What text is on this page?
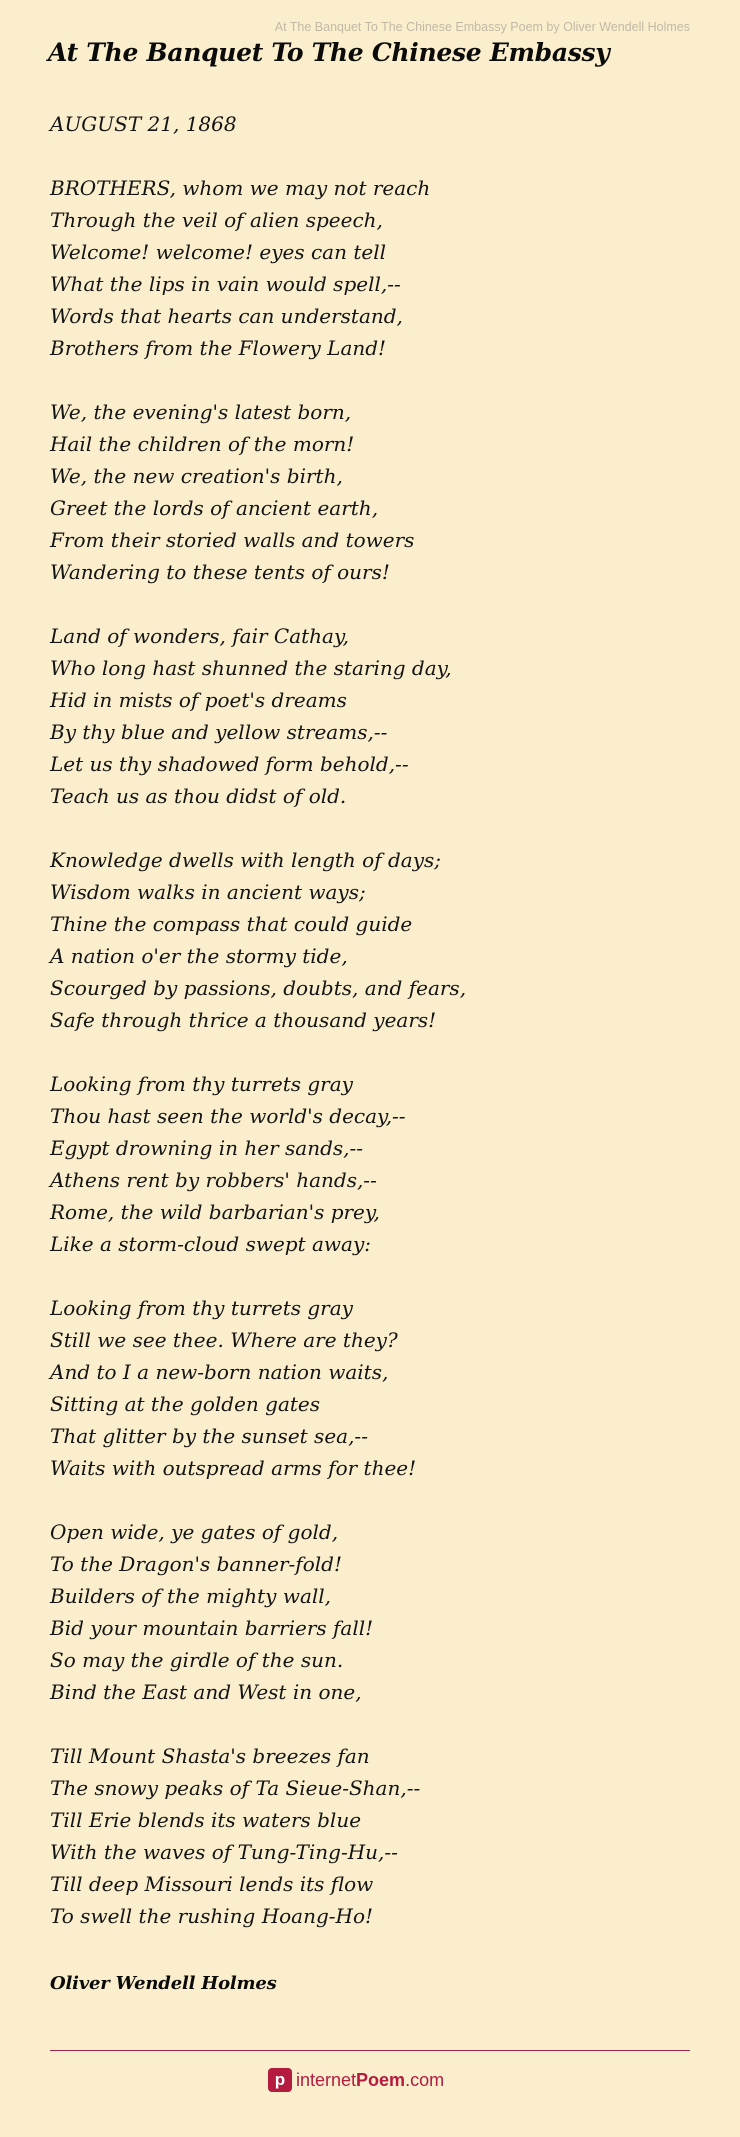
At The Banquet To The Chinese Embassy Poem by Oliver Wendell Holmes
At The Banquet To The Chinese Embassy
AUGUST 21, 1868
BROTHERS, whom we may not reach
Through the veil of alien speech,
Welcome! welcome! eyes can tell
What the lips in vain would spell,--
Words that hearts can understand,
Brothers from the Flowery Land!
We, the evening's latest born,
Hail the children of the morn!
We, the new creation's birth,
Greet the lords of ancient earth,
From their storied walls and towers
Wandering to these tents of ours!
Land of wonders, fair Cathay,
Who long hast shunned the staring day,
Hid in mists of poet's dreams
By thy blue and yellow streams,--
Let us thy shadowed form behold,--
Teach us as thou didst of old.
Knowledge dwells with length of days;
Wisdom walks in ancient ways;
Thine the compass that could guide
A nation o'er the stormy tide,
Scourged by passions, doubts, and fears,
Safe through thrice a thousand years!
Looking from thy turrets gray
Thou hast seen the world's decay,--
Egypt drowning in her sands,--
Athens rent by robbers' hands,--
Rome, the wild barbarian's prey,
Like a storm-cloud swept away:
Looking from thy turrets gray
Still we see thee. Where are they?
And to I a new-born nation waits,
Sitting at the golden gates
That glitter by the sunset sea,--
Waits with outspread arms for thee!
Open wide, ye gates of gold,
To the Dragon's banner-fold!
Builders of the mighty wall,
Bid your mountain barriers fall!
So may the girdle of the sun.
Bind the East and West in one,
Till Mount Shasta's breezes fan
The snowy peaks of Ta Sieue-Shan,--
Till Erie blends its waters blue
With the waves of Tung-Ting-Hu,--
Till deep Missouri lends its flow
To swell the rushing Hoang-Ho!
Oliver Wendell Holmes
p internetPoem.com
